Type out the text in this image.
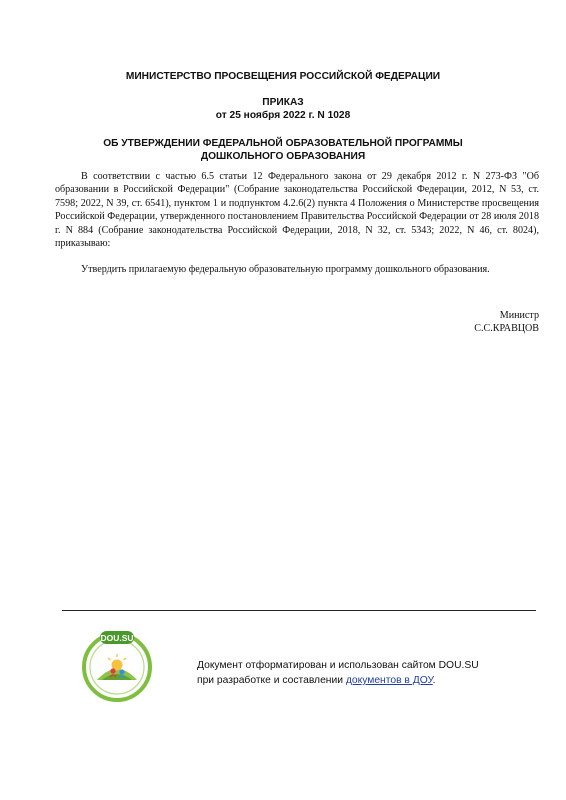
МИНИСТЕРСТВО ПРОСВЕЩЕНИЯ РОССИЙСКОЙ ФЕДЕРАЦИИ

ПРИКАЗ

от 25 ноября 2022 г. N 1028

ОБ УТВЕРЖДЕНИИ ФЕДЕРАЛЬНОЙ ОБРАЗОВАТЕЛЬНОЙ ПРОГРАММЫ
ДОШКОЛЬНОГО ОБРАЗОВАНИЯ

В соответствии с частью 6.5 статьи 12 Федерального закона от 29 декабря 2012 г. N 273-ФЗ "Об образовании в Российской Федерации" (Собрание законодательства Российской Федерации, 2012, N 53, ст. 7598; 2022, N 39, ст. 6541), пунктом 1 и подпунктом 4.2.6(2) пункта 4 Положения о Министерстве просвещения Российской Федерации, утвержденного постановлением Правительства Российской Федерации от 28 июля 2018 г. N 884 (Собрание законодательства Российской Федерации, 2018, N 32, ст. 5343; 2022, N 46, ст. 8024), приказываю:

Утвердить прилагаемую федеральную образовательную программу дошкольного образования.

Министр
С.С.КРАВЦОВ
DOU.SU
Документ отформатирован и использован сайтом DOU.SU
при разработке и составлении документов в ДОУ.
